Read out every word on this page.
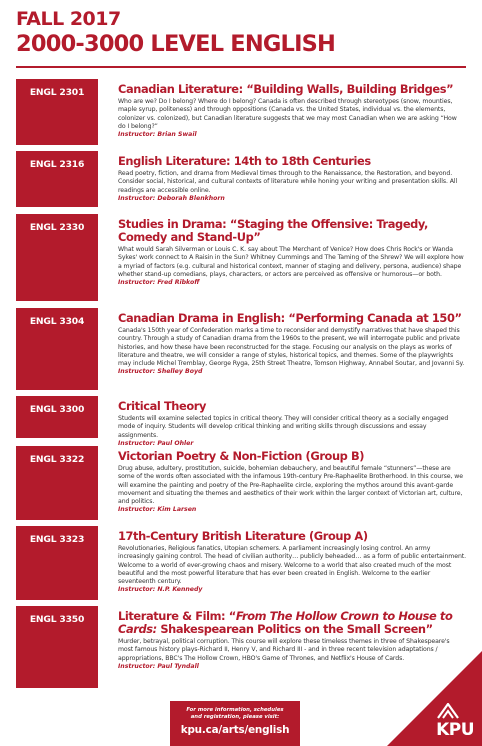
FALL 2017
2000-3000 LEVEL ENGLISH
ENGL 2301	Canadian Literature: “Building Walls, Building Bridges”
Who are we? Do I belong? Where do I belong? Canada is often described through stereotypes (snow, mounties, maple syrup, politeness) and through oppositions (Canada vs. the United States, individual vs. the elements, colonizer vs. colonized), but Canadian literature suggests that we may most Canadian when we are asking “How do I belong?”
Instructor: Brian Swail
ENGL 2316	English Literature: 14th to 18th Centuries
Read poetry, fiction, and drama from Medieval times through to the Renaissance, the Restoration, and beyond. Consider social, historical, and cultural contexts of literature while honing your writing and presentation skills. All readings are accessible online.
Instructor: Deborah Blenkhorn
ENGL 2330	Studies in Drama: “Staging the Offensive: Tragedy, Comedy and Stand-Up”
What would Sarah Silverman or Louis C. K. say about The Merchant of Venice? How does Chris Rock's or Wanda Sykes' work connect to A Raisin in the Sun? Whitney Cummings and The Taming of the Shrew? We will explore how a myriad of factors (e.g. cultural and historical context, manner of staging and delivery, persona, audience) shape whether stand-up comedians, plays, characters, or actors are perceived as offensive or humorous—or both.
Instructor: Fred Ribkoff
ENGL 3304	Canadian Drama in English: “Performing Canada at 150”
Canada's 150th year of Confederation marks a time to reconsider and demystify narratives that have shaped this country. Through a study of Canadian drama from the 1960s to the present, we will interrogate public and private histories, and how these have been reconstructed for the stage. Focusing our analysis on the plays as works of literature and theatre, we will consider a range of styles, historical topics, and themes. Some of the playwrights may include Michel Tremblay, George Ryga, 25th Street Theatre, Tomson Highway, Annabel Soutar, and Jovanni Sy.
Instructor: Shelley Boyd
ENGL 3300	Critical Theory
Students will examine selected topics in critical theory. They will consider critical theory as a socially engaged mode of inquiry. Students will develop critical thinking and writing skills through discussions and essay assignments.
Instructor: Paul Ohler
ENGL 3322	Victorian Poetry & Non-Fiction (Group B)
Drug abuse, adultery, prostitution, suicide, bohemian debauchery, and beautiful female “stunners”—these are some of the words often associated with the infamous 19th-century Pre-Raphaelite Brotherhood. In this course, we will examine the painting and poetry of the Pre-Raphaelite circle, exploring the mythos around this avant-garde movement and situating the themes and aesthetics of their work within the larger context of Victorian art, culture, and politics.
Instructor: Kim Larsen
ENGL 3323	17th-Century British Literature (Group A)
Revolutionaries, Religious fanatics, Utopian schemers. A parliament increasingly losing control. An army increasingly gaining control. The head of civilian authority… publicly beheaded… as a form of public entertainment. Welcome to a world of ever-growing chaos and misery. Welcome to a world that also created much of the most beautiful and the most powerful literature that has ever been created in English. Welcome to the earlier seventeenth century.
Instructor: N.P. Kennedy
ENGL 3350	Literature & Film: “From The Hollow Crown to House to Cards: Shakespearean Politics on the Small Screen”
Murder, betrayal, political corruption. This course will explore these timeless themes in three of Shakespeare's most famous history plays-Richard II, Henry V, and Richard III - and in three recent television adaptations / appropriations, BBC's The Hollow Crown, HBO's Game of Thrones, and Netflix's House of Cards.
Instructor: Paul Tyndall
For more information, schedules
and registration, please visit:
kpu.ca/arts/english	KPU
